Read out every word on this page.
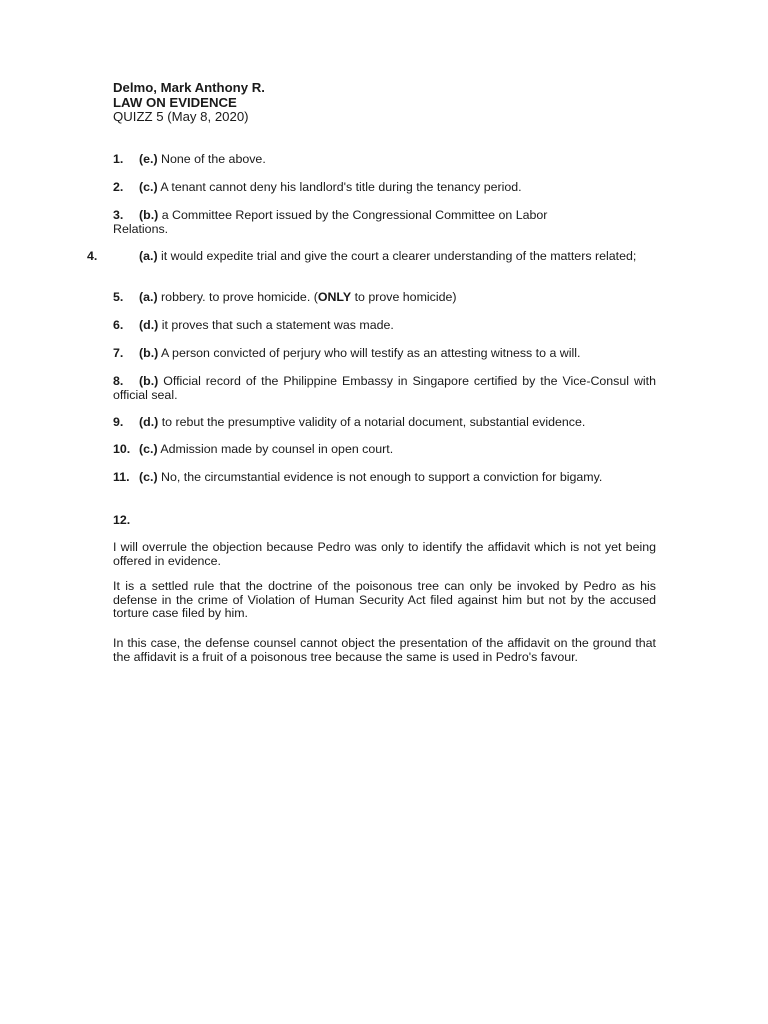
Delmo, Mark Anthony R.
LAW ON EVIDENCE
QUIZZ 5 (May 8, 2020)
1. (e.) None of the above.
2. (c.) A tenant cannot deny his landlord's title during the tenancy period.
3. (b.) a Committee Report issued by the Congressional Committee on Labor Relations.
4.	(a.) it would expedite trial and give the court a clearer understanding of the matters related;
5. (a.) robbery. to prove homicide. (ONLY to prove homicide)
6. (d.) it proves that such a statement was made.
7. (b.) A person convicted of perjury who will testify as an attesting witness to a will.
8. (b.) Official record of the Philippine Embassy in Singapore certified by the Vice-Consul with official seal.
9. (d.) to rebut the presumptive validity of a notarial document, substantial evidence.
10. (c.) Admission made by counsel in open court.
11. (c.) No, the circumstantial evidence is not enough to support a conviction for bigamy.
12.
I will overrule the objection because Pedro was only to identify the affidavit which is not yet being offered in evidence.
It is a settled rule that the doctrine of the poisonous tree can only be invoked by Pedro as his defense in the crime of Violation of Human Security Act filed against him but not by the accused torture case filed by him.
In this case, the defense counsel cannot object the presentation of the affidavit on the ground that the affidavit is a fruit of a poisonous tree because the same is used in Pedro's favour.
